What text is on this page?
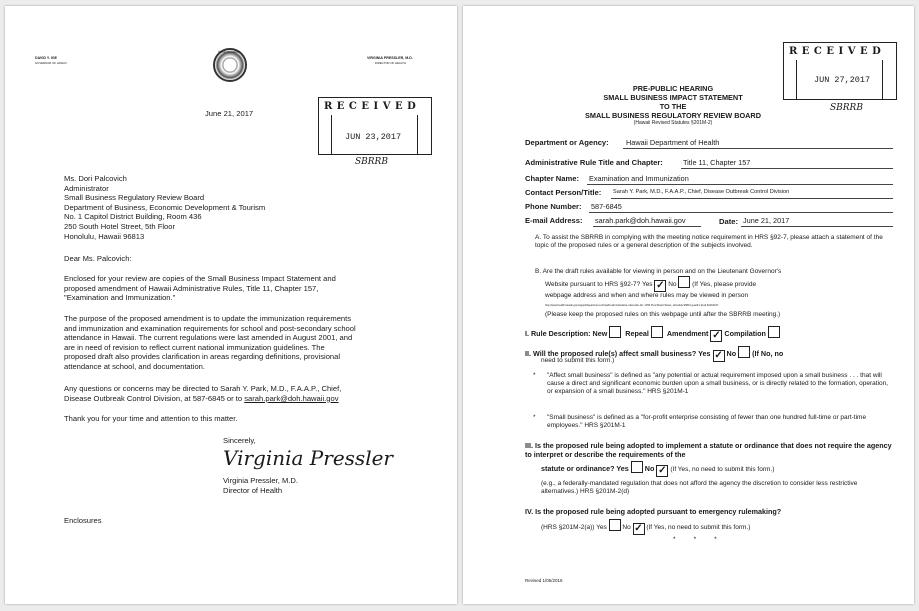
DAVID Y. IGE
GOVERNOR OF HAWAII
STATE OF HAWAII
VIRGINIA PRESSLER, M.D.
DIRECTOR OF HEALTH
June 21, 2017
RECEIVED
JUN 23,2017
SBRRB
Ms. Dori Palcovich
Administrator
Small Business Regulatory Review Board
Department of Business, Economic Development & Tourism
No. 1 Capitol District Building, Room 436
250 South Hotel Street, 5th Floor
Honolulu, Hawaii 96813
Dear Ms. Palcovich:
Enclosed for your review are copies of the Small Business Impact Statement and
proposed amendment of Hawaii Administrative Rules, Title 11, Chapter 157,
"Examination and Immunization."
The purpose of the proposed amendment is to update the immunization requirements
and immunization and examination requirements for school and post-secondary school
attendance in Hawaii. The current regulations were last amended in August 2001, and
are in need of revision to reflect current national immunization guidelines. The
proposed draft also provides clarification in areas regarding definitions, provisional
attendance at school, and documentation.
Any questions or concerns may be directed to Sarah Y. Park, M.D., F.A.A.P., Chief,
Disease Outbreak Control Division, at 587-6845 or to sarah.park@doh.hawaii.gov
Thank you for your time and attention to this matter.
Sincerely,
Virginia Pressler
Virginia Pressler, M.D.
Director of Health
Enclosures
RECEIVED
JUN 27,2017
SBRRB
PRE-PUBLIC HEARING
SMALL BUSINESS IMPACT STATEMENT
TO THE
SMALL BUSINESS REGULATORY REVIEW BOARD
(Hawaii Revised Statutes §201M-2)
Department or Agency: Hawaii Department of Health
Administrative Rule Title and Chapter:	Title 11, Chapter 157
Chapter Name: Examination and Immunization
Contact Person/Title: Sarah Y. Park, M.D., F.A.A.P., Chief, Disease Outbreak Control Division
Phone Number: 587-6845
E-mail Address: sarah.park@doh.hawaii.gov	Date: June 21, 2017
A. To assist the SBRRB in complying with the meeting notice requirement in HRS §92-7, please attach a statement of the topic of the proposed rules or a general description of the subjects involved.
B. Are the draft rules available for viewing in person and on the Lieutenant Governor's
Website pursuant to HRS §92-7? Yes ✓ No (If Yes, please provide
webpage address and when and where rules may be viewed in person
http://www.health.hawaii.gov/opppd/department-of-health-administrative-rules-title-11/; 1250 Punchbowl Street, Honolulu 96813 guard's desk 6/26/2017
(Please keep the proposed rules on this webpage until after the SBRRB meeting.)
I. Rule Description: New	Repeal	Amendment ✓ Compilation
II. Will the proposed rule(s) affect small business? Yes ✓ No (If No, no
need to submit this form.)
* "Affect small business" is defined as "any potential or actual requirement imposed upon a small business . . . that will cause a direct and significant economic burden upon a small business, or is directly related to the formation, operation, or expansion of a small business." HRS §201M-1
* "Small business" is defined as a "for-profit enterprise consisting of fewer than one hundred full-time or part-time employees." HRS §201M-1
III. Is the proposed rule being adopted to implement a statute or ordinance that does not require the agency to interpret or describe the requirements of the
statute or ordinance? Yes No ✓ (If Yes, no need to submit this form.)
(e.g., a federally-mandated regulation that does not afford the agency the discretion to consider less restrictive alternatives.) HRS §201M-2(d)
IV. Is the proposed rule being adopted pursuant to emergency rulemaking?
(HRS §201M-2(a)) Yes No ✓ (If Yes, no need to submit this form.)
*          *          *
Revised 1/05/2016
